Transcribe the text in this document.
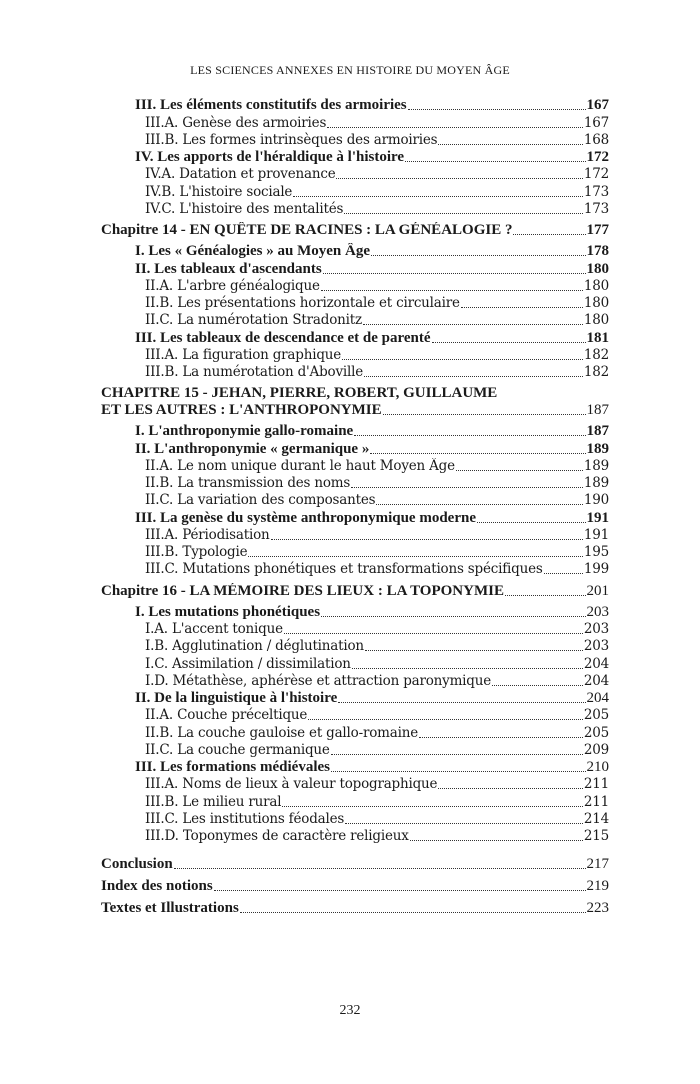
LES SCIENCES ANNEXES EN HISTOIRE DU MOYEN ÂGE
III. Les éléments constitutifs des armoiries	167
III.A. Genèse des armoiries	167
III.B. Les formes intrinsèques des armoiries	168
IV. Les apports de l'héraldique à l'histoire	172
IV.A. Datation et provenance	172
IV.B. L'histoire sociale	173
IV.C. L'histoire des mentalités	173
Chapitre 14 - EN QUÊTE DE RACINES : LA GÉNÉALOGIE ?	177
I. Les « Généalogies » au Moyen Âge	178
II. Les tableaux d'ascendants	180
II.A. L'arbre généalogique	180
II.B. Les présentations horizontale et circulaire	180
II.C. La numérotation Stradonitz	180
III. Les tableaux de descendance et de parenté	181
III.A. La figuration graphique	182
III.B. La numérotation d'Aboville	182
CHAPITRE 15 - JEHAN, PIERRE, ROBERT, GUILLAUME
ET LES AUTRES : L'ANTHROPONYMIE	187
I. L'anthroponymie gallo-romaine	187
II. L'anthroponymie « germanique »	189
II.A. Le nom unique durant le haut Moyen Âge	189
II.B. La transmission des noms	189
II.C. La variation des composantes	190
III. La genèse du système anthroponymique moderne	191
III.A. Périodisation	191
III.B. Typologie	195
III.C. Mutations phonétiques et transformations spécifiques	199
Chapitre 16 - LA MÉMOIRE DES LIEUX : LA TOPONYMIE	201
I. Les mutations phonétiques	203
I.A. L'accent tonique	203
I.B. Agglutination / déglutination	203
I.C. Assimilation / dissimilation	204
I.D. Métathèse, aphérèse et attraction paronymique	204
II. De la linguistique à l'histoire	204
II.A. Couche préceltique	205
II.B. La couche gauloise et gallo-romaine	205
II.C. La couche germanique	209
III. Les formations médiévales	210
III.A. Noms de lieux à valeur topographique	211
III.B. Le milieu rural	211
III.C. Les institutions féodales	214
III.D. Toponymes de caractère religieux	215
Conclusion	217
Index des notions	219
Textes et Illustrations	223
232
